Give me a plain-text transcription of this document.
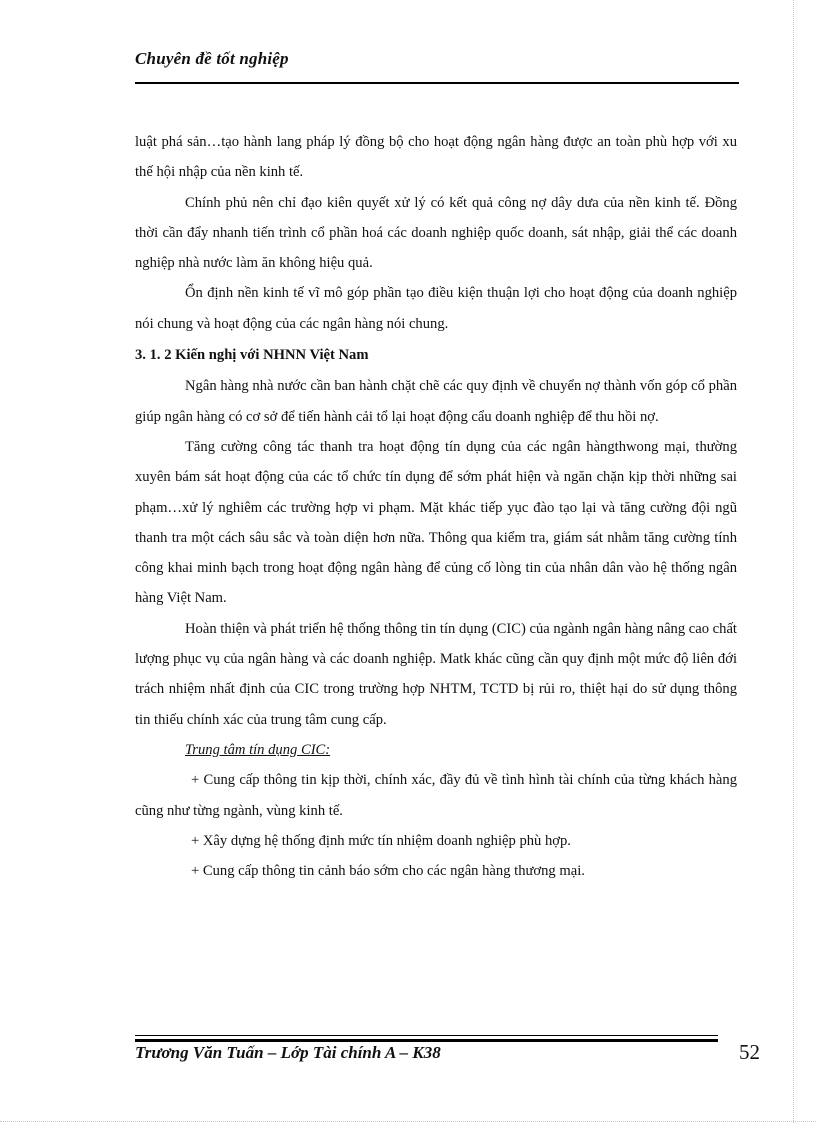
Chuyên đề tốt nghiệp

luật phá sản…tạo hành lang pháp lý đồng bộ cho hoạt động ngân hàng được an toàn phù hợp với xu thế hội nhập của nền kinh tế.

Chính phủ nên chỉ đạo kiên quyết xử lý có kết quả công nợ dây dưa của nền kinh tế. Đồng thời cần đẩy nhanh tiến trình cổ phần hoá các doanh nghiệp quốc doanh, sát nhập, giải thể các doanh nghiệp nhà nước làm ăn không hiệu quả.

Ổn định nền kinh tế vĩ mô góp phần tạo điều kiện thuận lợi cho hoạt động của doanh nghiệp nói chung và hoạt động của các ngân hàng nói chung.

3. 1. 2 Kiến nghị với NHNN Việt Nam

Ngân hàng nhà nước cần ban hành chặt chẽ các quy định về chuyển nợ thành vốn góp cổ phần giúp ngân hàng có cơ sở để tiến hành cải tổ lại hoạt động cẩu doanh nghiệp để thu hồi nợ.

Tăng cường công tác thanh tra hoạt động tín dụng của các ngân hàngthwong mại, thường xuyên bám sát hoạt động của các tổ chức tín dụng để sớm phát hiện và ngăn chặn kịp thời những sai phạm…xử lý nghiêm các trường hợp vi phạm. Mặt khác tiếp yục đào tạo lại và tăng cường đội ngũ thanh tra một cách sâu sắc và toàn diện hơn nữa. Thông qua kiểm tra, giám sát nhằm tăng cường tính công khai minh bạch trong hoạt động ngân hàng để củng cố lòng tin của nhân dân vào hệ thống ngân hàng Việt Nam.

Hoàn thiện và phát triển hệ thống thông tin tín dụng (CIC) của ngành ngân hàng nâng cao chất lượng phục vụ của ngân hàng và các doanh nghiệp. Matk khác cũng cần quy định một mức độ liên đới trách nhiệm nhất định của CIC trong trường hợp NHTM, TCTD bị rủi ro, thiệt hại do sử dụng thông tin thiếu chính xác của trung tâm cung cấp.

Trung tâm tín dụng CIC:

+ Cung cấp thông tin kịp thời, chính xác, đầy đủ về tình hình tài chính của từng khách hàng cũng như từng ngành, vùng kinh tế.

+ Xây dựng hệ thống định mức tín nhiệm doanh nghiệp phù hợp.

+ Cung cấp thông tin cảnh báo sớm cho các ngân hàng thương mại.

Trương Văn Tuấn – Lớp Tài chính A – K38	52
